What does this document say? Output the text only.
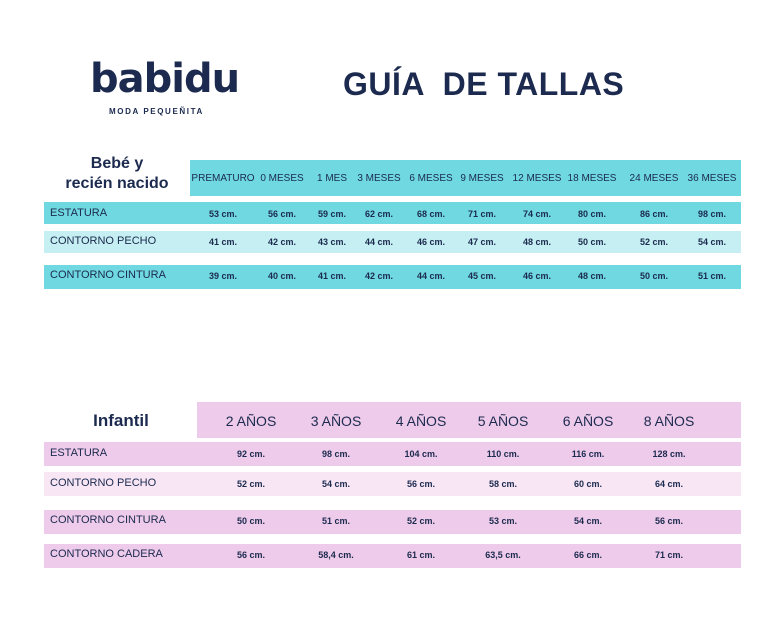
babidu
MODA PEQUEÑITA
GUÍA  DE TALLAS
Bebé y
recién nacido	PREMATURO 0 MESES 1 MES 3 MESES 6 MESES 9 MESES 12 MESES 18 MESES 24 MESES 36 MESES
ESTATURA	53 cm.	56 cm. 59 cm. 62 cm.	68 cm.	71 cm.	74 cm.	80 cm.	86 cm.	98 cm.
CONTORNO PECHO	41 cm.	42 cm. 43 cm. 44 cm.	46 cm.	47 cm.	48 cm.	50 cm.	52 cm.	54 cm.
CONTORNO CINTURA	39 cm.	40 cm. 41 cm. 42 cm.	44 cm.	45 cm.	46 cm.	48 cm.	50 cm.	51 cm.
Infantil	2 AÑOS 3 AÑOS 4 AÑOS 5 AÑOS 6 AÑOS 8 AÑOS
ESTATURA	92 cm.	98 cm.	104 cm.	110 cm.	116 cm.	128 cm.
CONTORNO PECHO	52 cm.	54 cm.	56 cm.	58 cm.	60 cm.	64 cm.
CONTORNO CINTURA	50 cm.	51 cm.	52 cm.	53 cm.	54 cm.	56 cm.
CONTORNO CADERA	56 cm.	58,4 cm.	61 cm.	63,5 cm.	66 cm.	71 cm.
